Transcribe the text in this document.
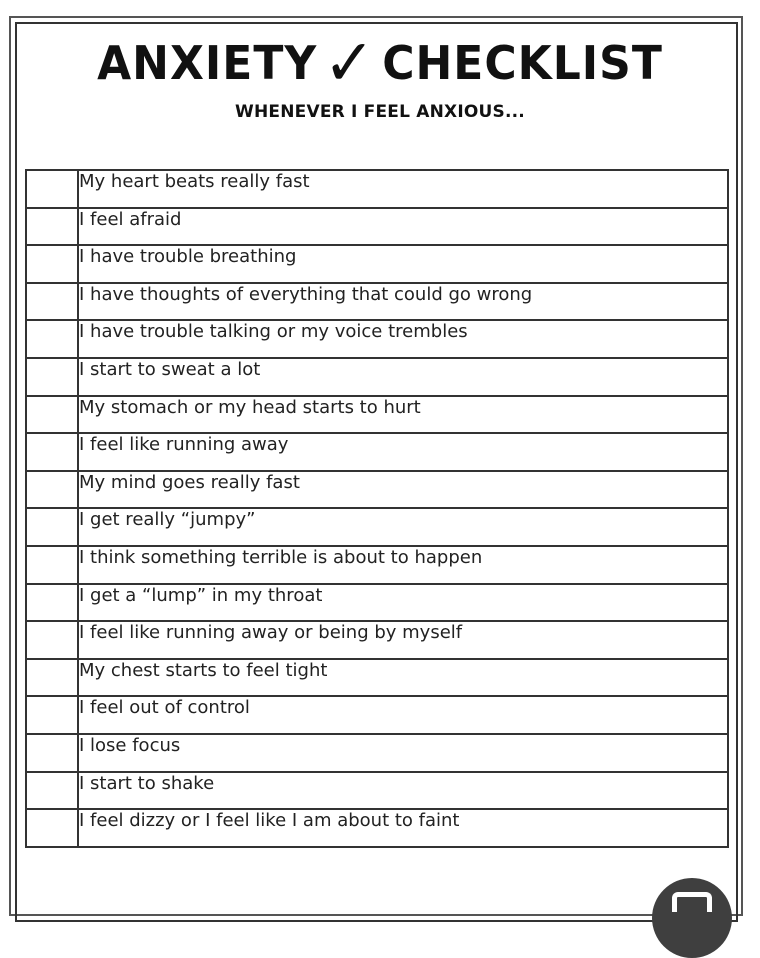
ANXIETY✓ CHECKLIST
WHENEVER I FEEL ANXIOUS...
	My heart beats really fast
	I feel afraid
	I have trouble breathing
	I have thoughts of everything that could go wrong
	I have trouble talking or my voice trembles
	I start to sweat a lot
	My stomach or my head starts to hurt
	I feel like running away
	My mind goes really fast
	I get really “jumpy”
	I think something terrible is about to happen
	I get a “lump” in my throat
	I feel like running away or being by myself
	My chest starts to feel tight
	I feel out of control
	I lose focus
	I start to shake
	I feel dizzy or I feel like I am about to faint
